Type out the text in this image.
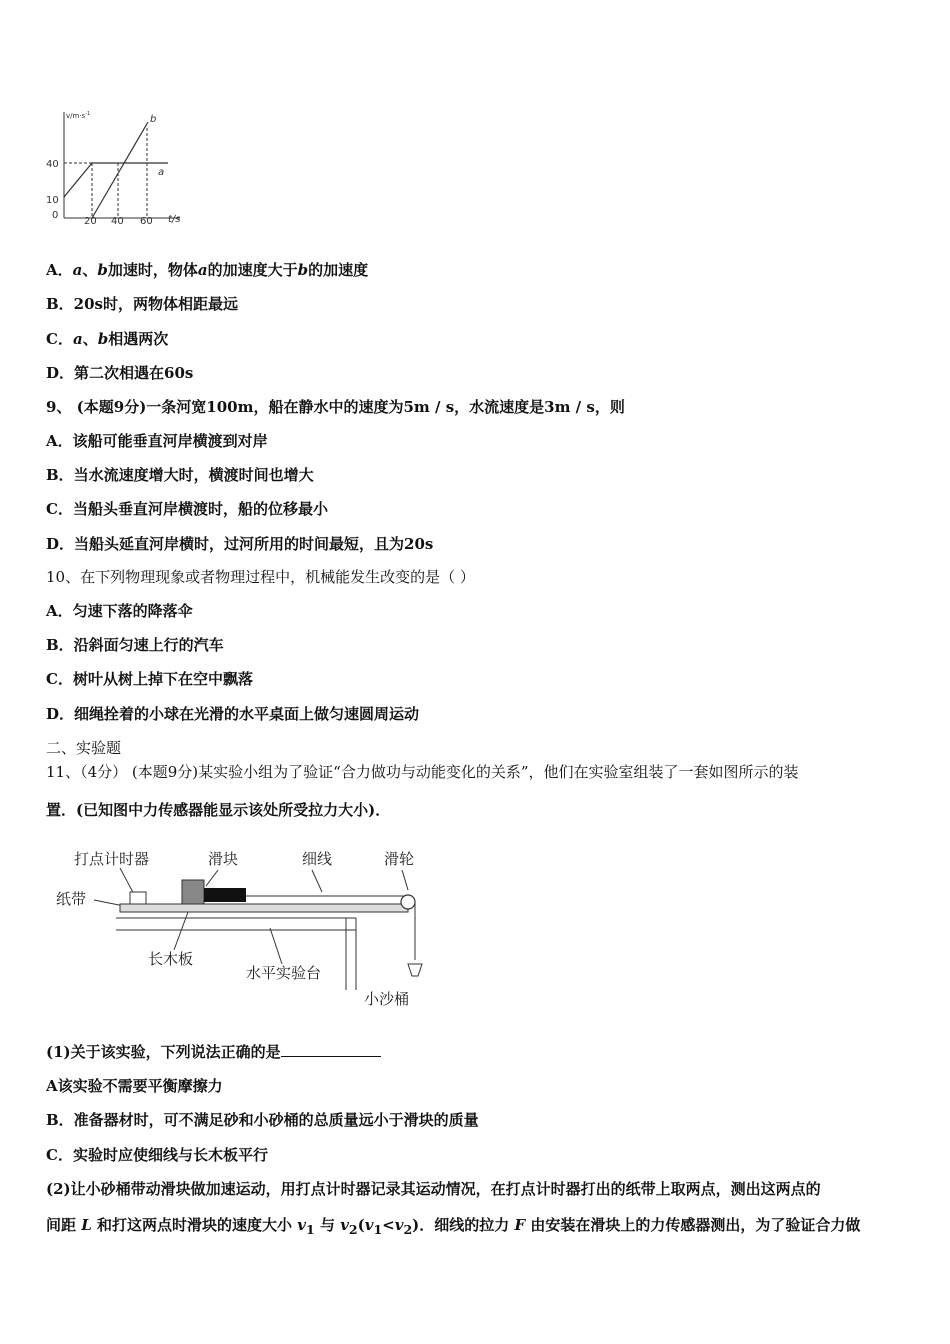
$v/m\cdot s^{-1}$
t/s
40
10
0
20 40 60
a
b
A．a、b加速时，物体a的加速度大于b的加速度
B．20s时，两物体相距最远
C．a、b相遇两次
D．第二次相遇在60s
9、 (本题9分)一条河宽100m，船在静水中的速度为5m / s，水流速度是3m / s，则
A．该船可能垂直河岸横渡到对岸
B．当水流速度增大时，横渡时间也增大
C．当船头垂直河岸横渡时，船的位移最小
D．当船头延直河岸横时，过河所用的时间最短，且为20s
10、在下列物理现象或者物理过程中，机械能发生改变的是（ ）
A．匀速下落的降落伞
B．沿斜面匀速上行的汽车
C．树叶从树上掉下在空中飘落
D．细绳拴着的小球在光滑的水平桌面上做匀速圆周运动
二、实验题
11、（4分） (本题9分)某实验小组为了验证“合力做功与动能变化的关系”，他们在实验室组装了一套如图所示的装
置．(已知图中力传感器能显示该处所受拉力大小)．
打点计时器	滑块	细线	滑轮
纸带
长木板
水平实验台
小沙桶
(1)关于该实验，下列说法正确的是
A该实验不需要平衡摩擦力
B．准备器材时，可不满足砂和小砂桶的总质量远小于滑块的质量
C．实验时应使细线与长木板平行
(2)让小砂桶带动滑块做加速运动，用打点计时器记录其运动情况，在打点计时器打出的纸带上取两点，测出这两点的
间距 L 和打这两点时滑块的速度大小 $v_1$ 与 $v_2(v_1<v_2)$．细线的拉力 F 由安装在滑块上的力传感器测出，为了验证合力做
